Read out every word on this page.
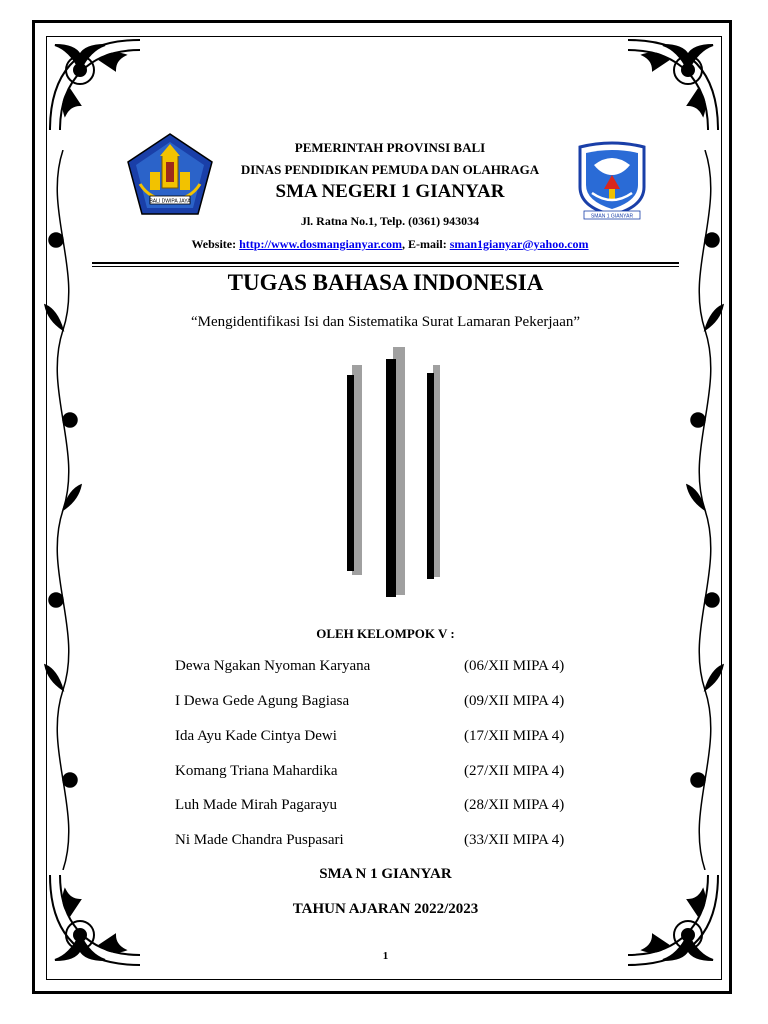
BALI DWIPA JAYA
SMAN 1 GIANYAR
PEMERINTAH PROVINSI BALI
DINAS PENDIDIKAN PEMUDA DAN OLAHRAGA
SMA NEGERI 1 GIANYAR
Jl. Ratna No.1, Telp. (0361) 943034
Website: http://www.dosmangianyar.com, E-mail: sman1gianyar@yahoo.com
TUGAS BAHASA INDONESIA
“Mengidentifikasi Isi dan Sistematika Surat Lamaran Pekerjaan”
OLEH KELOMPOK V :
Dewa Ngakan Nyoman Karyana	(06/XII MIPA 4)
I Dewa Gede Agung Bagiasa	(09/XII MIPA 4)
Ida Ayu Kade Cintya Dewi	(17/XII MIPA 4)
Komang Triana Mahardika	(27/XII MIPA 4)
Luh Made Mirah Pagarayu	(28/XII MIPA 4)
Ni Made Chandra Puspasari	(33/XII MIPA 4)
SMA N 1 GIANYAR
TAHUN AJARAN 2022/2023
1
